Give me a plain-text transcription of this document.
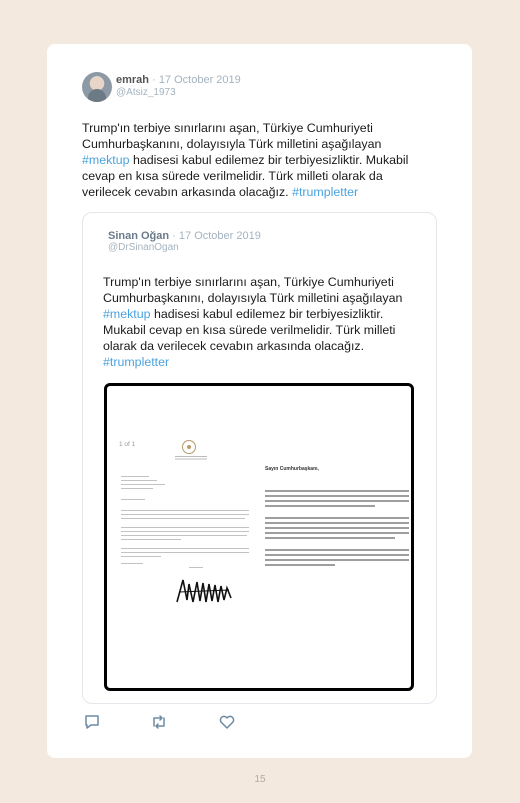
emrah · 17 October 2019
@Atsiz_1973
Trump'ın terbiye sınırlarını aşan, Türkiye Cumhuriyeti Cumhurbaşkanını, dolayısıyla Türk milletini aşağılayan #mektup hadisesi kabul edilemez bir terbiyesizliktir. Mukabil cevap en kısa sürede verilmelidir. Türk milleti olarak da verilecek cevabın arkasında olacağız. #trumpletter
Sinan Oğan · 17 October 2019
@DrSinanOgan
Trump'ın terbiye sınırlarını aşan, Türkiye Cumhuriyeti Cumhurbaşkanını, dolayısıyla Türk milletini aşağılayan #mektup hadisesi kabul edilemez bir terbiyesizliktir. Mukabil cevap en kısa sürede verilmelidir. Türk milleti olarak da verilecek cevabın arkasında olacağız. #trumpletter
1 of 1
Sayın Cumhurbaşkanı,
15
